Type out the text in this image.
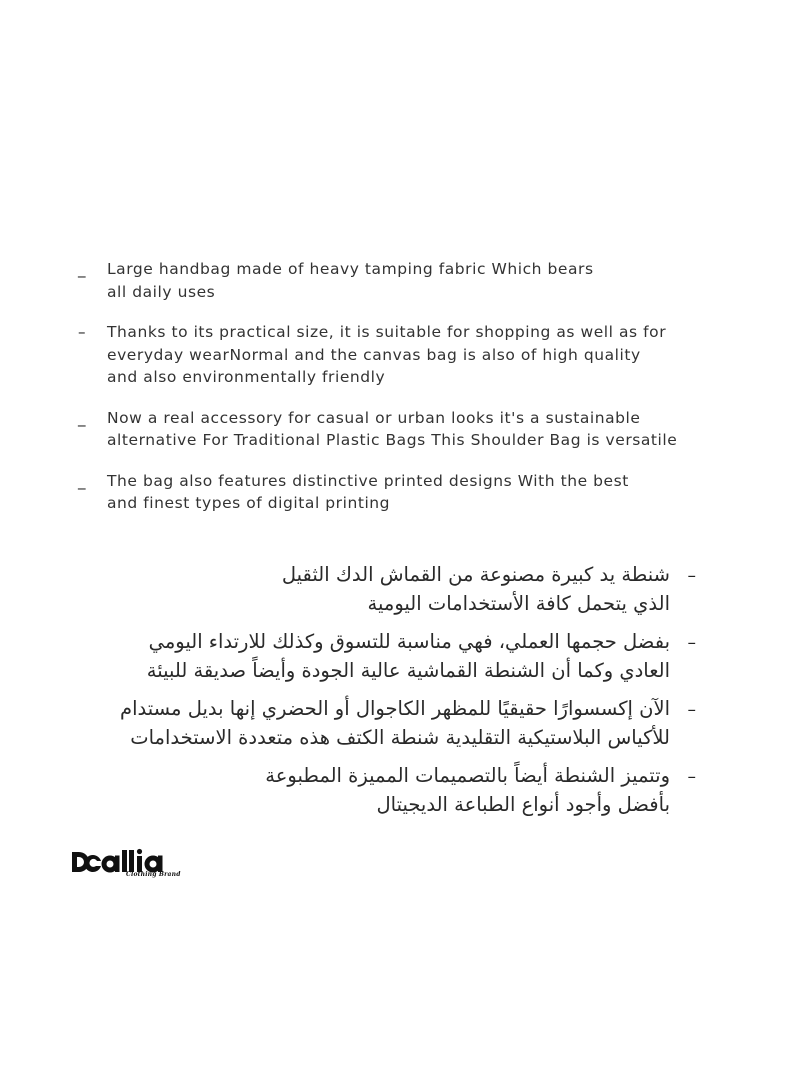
_ Large handbag made of heavy tamping fabric Which bears
all daily uses
– Thanks to its practical size, it is suitable for shopping as well as for
everyday wearNormal and the canvas bag is also of high quality
and also environmentally friendly
_ Now a real accessory for casual or urban looks it's a sustainable
alternative For Traditional Plastic Bags This Shoulder Bag is versatile
_ The bag also features distinctive printed designs With the best
and finest types of digital printing
–
شنطة يد كبيرة مصنوعة من القماش الدك الثقيل
الذي يتحمل كافة الأستخدامات اليومية
–
بفضل حجمها العملي، فهي مناسبة للتسوق وكذلك للارتداء اليومي
العادي وكما أن الشنطة القماشية عالية الجودة وأيضاً صديقة للبيئة
–
الآن إكسسوارًا حقيقيًا للمظهر الكاجوال أو الحضري إنها بديل مستدام
للأكياس البلاستيكية التقليدية شنطة الكتف هذه متعددة الاستخدامات
–
وتتميز الشنطة أيضاً بالتصميمات المميزة المطبوعة
بأفضل وأجود أنواع الطباعة الديجيتال
Clothing Brand
